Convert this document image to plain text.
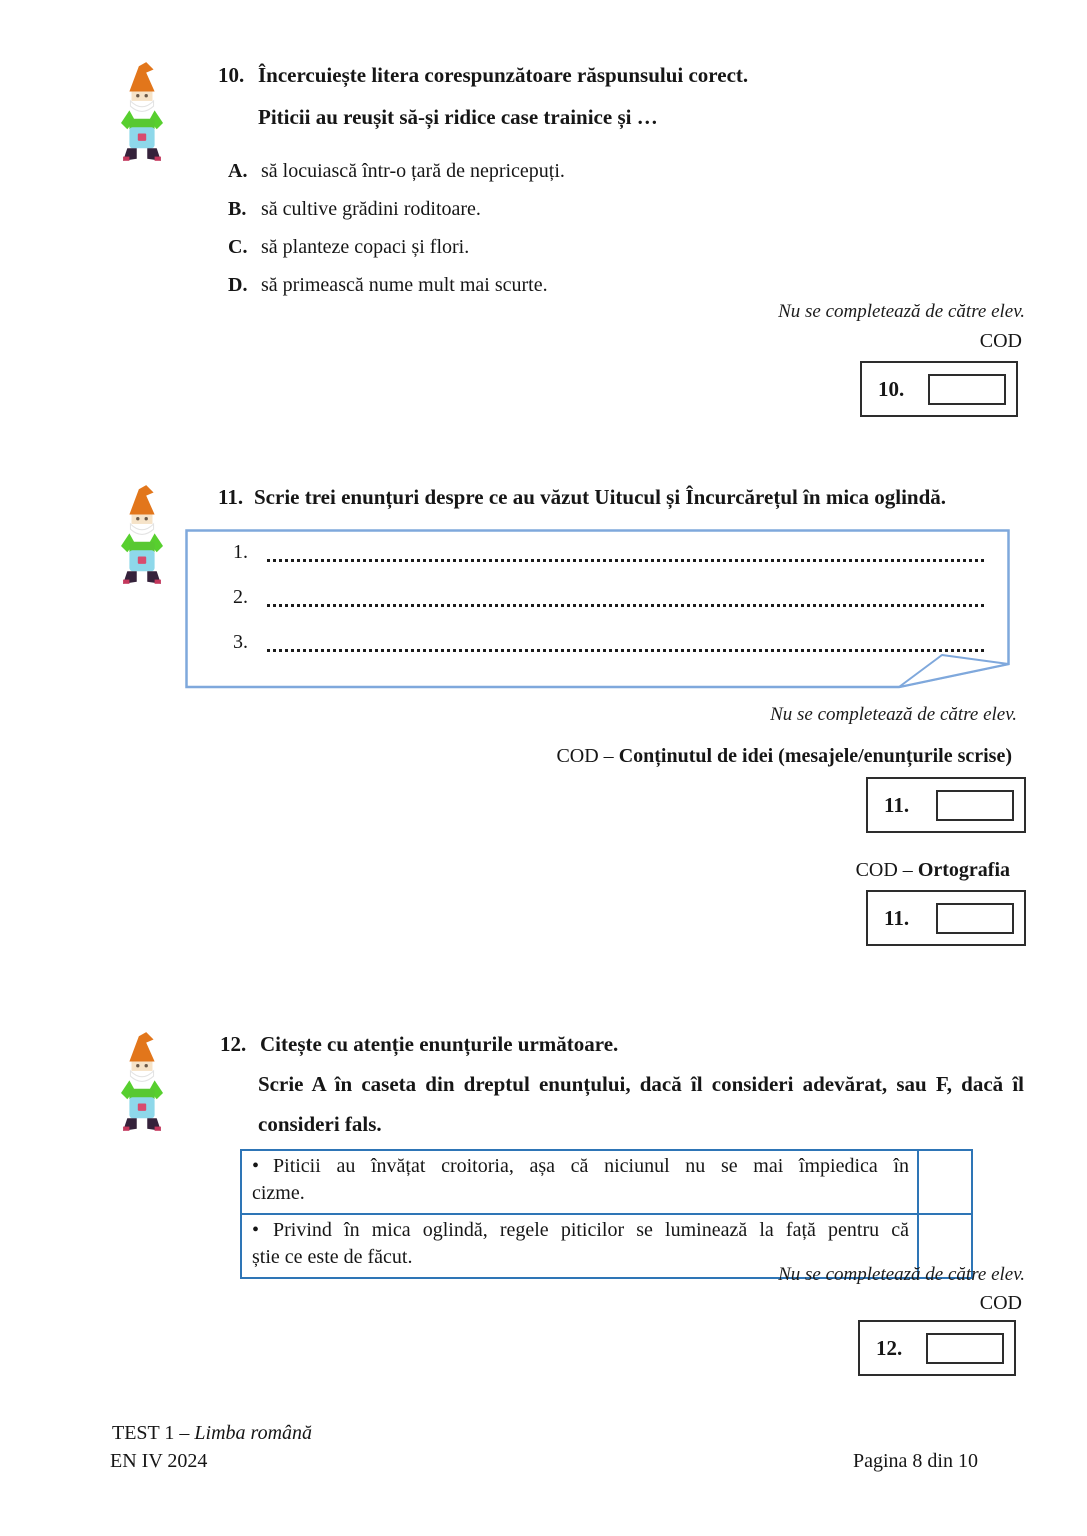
10. Încercuiește litera corespunzătoare răspunsului corect.
Piticii au reușit să-și ridice case trainice și …
A. să locuiască într-o țară de nepricepuți.
B. să cultive grădini roditoare.
C. să planteze copaci și flori.
D. să primească nume mult mai scurte.
Nu se completează de către elev.
COD
10.
11. Scrie trei enunțuri despre ce au văzut Uitucul și Încurcărețul în mica oglindă.
1.
2.
3.
Nu se completează de către elev.
COD – Conținutul de idei (mesajele/enunțurile scrise)
11.
COD – Ortografia
11.
12. Citește cu atenție enunțurile următoare.
Scrie A în caseta din dreptul enunțului, dacă îl consideri adevărat, sau F, dacă îl
consideri fals.
• Piticii au învățat croitoria, așa că niciunul nu se mai împiedica în
cizme.
• Privind în mica oglindă, regele piticilor se luminează la față pentru că
știe ce este de făcut.
Nu se completează de către elev.
COD
12.
TEST 1 – Limba română
EN IV 2024	Pagina 8 din 10
